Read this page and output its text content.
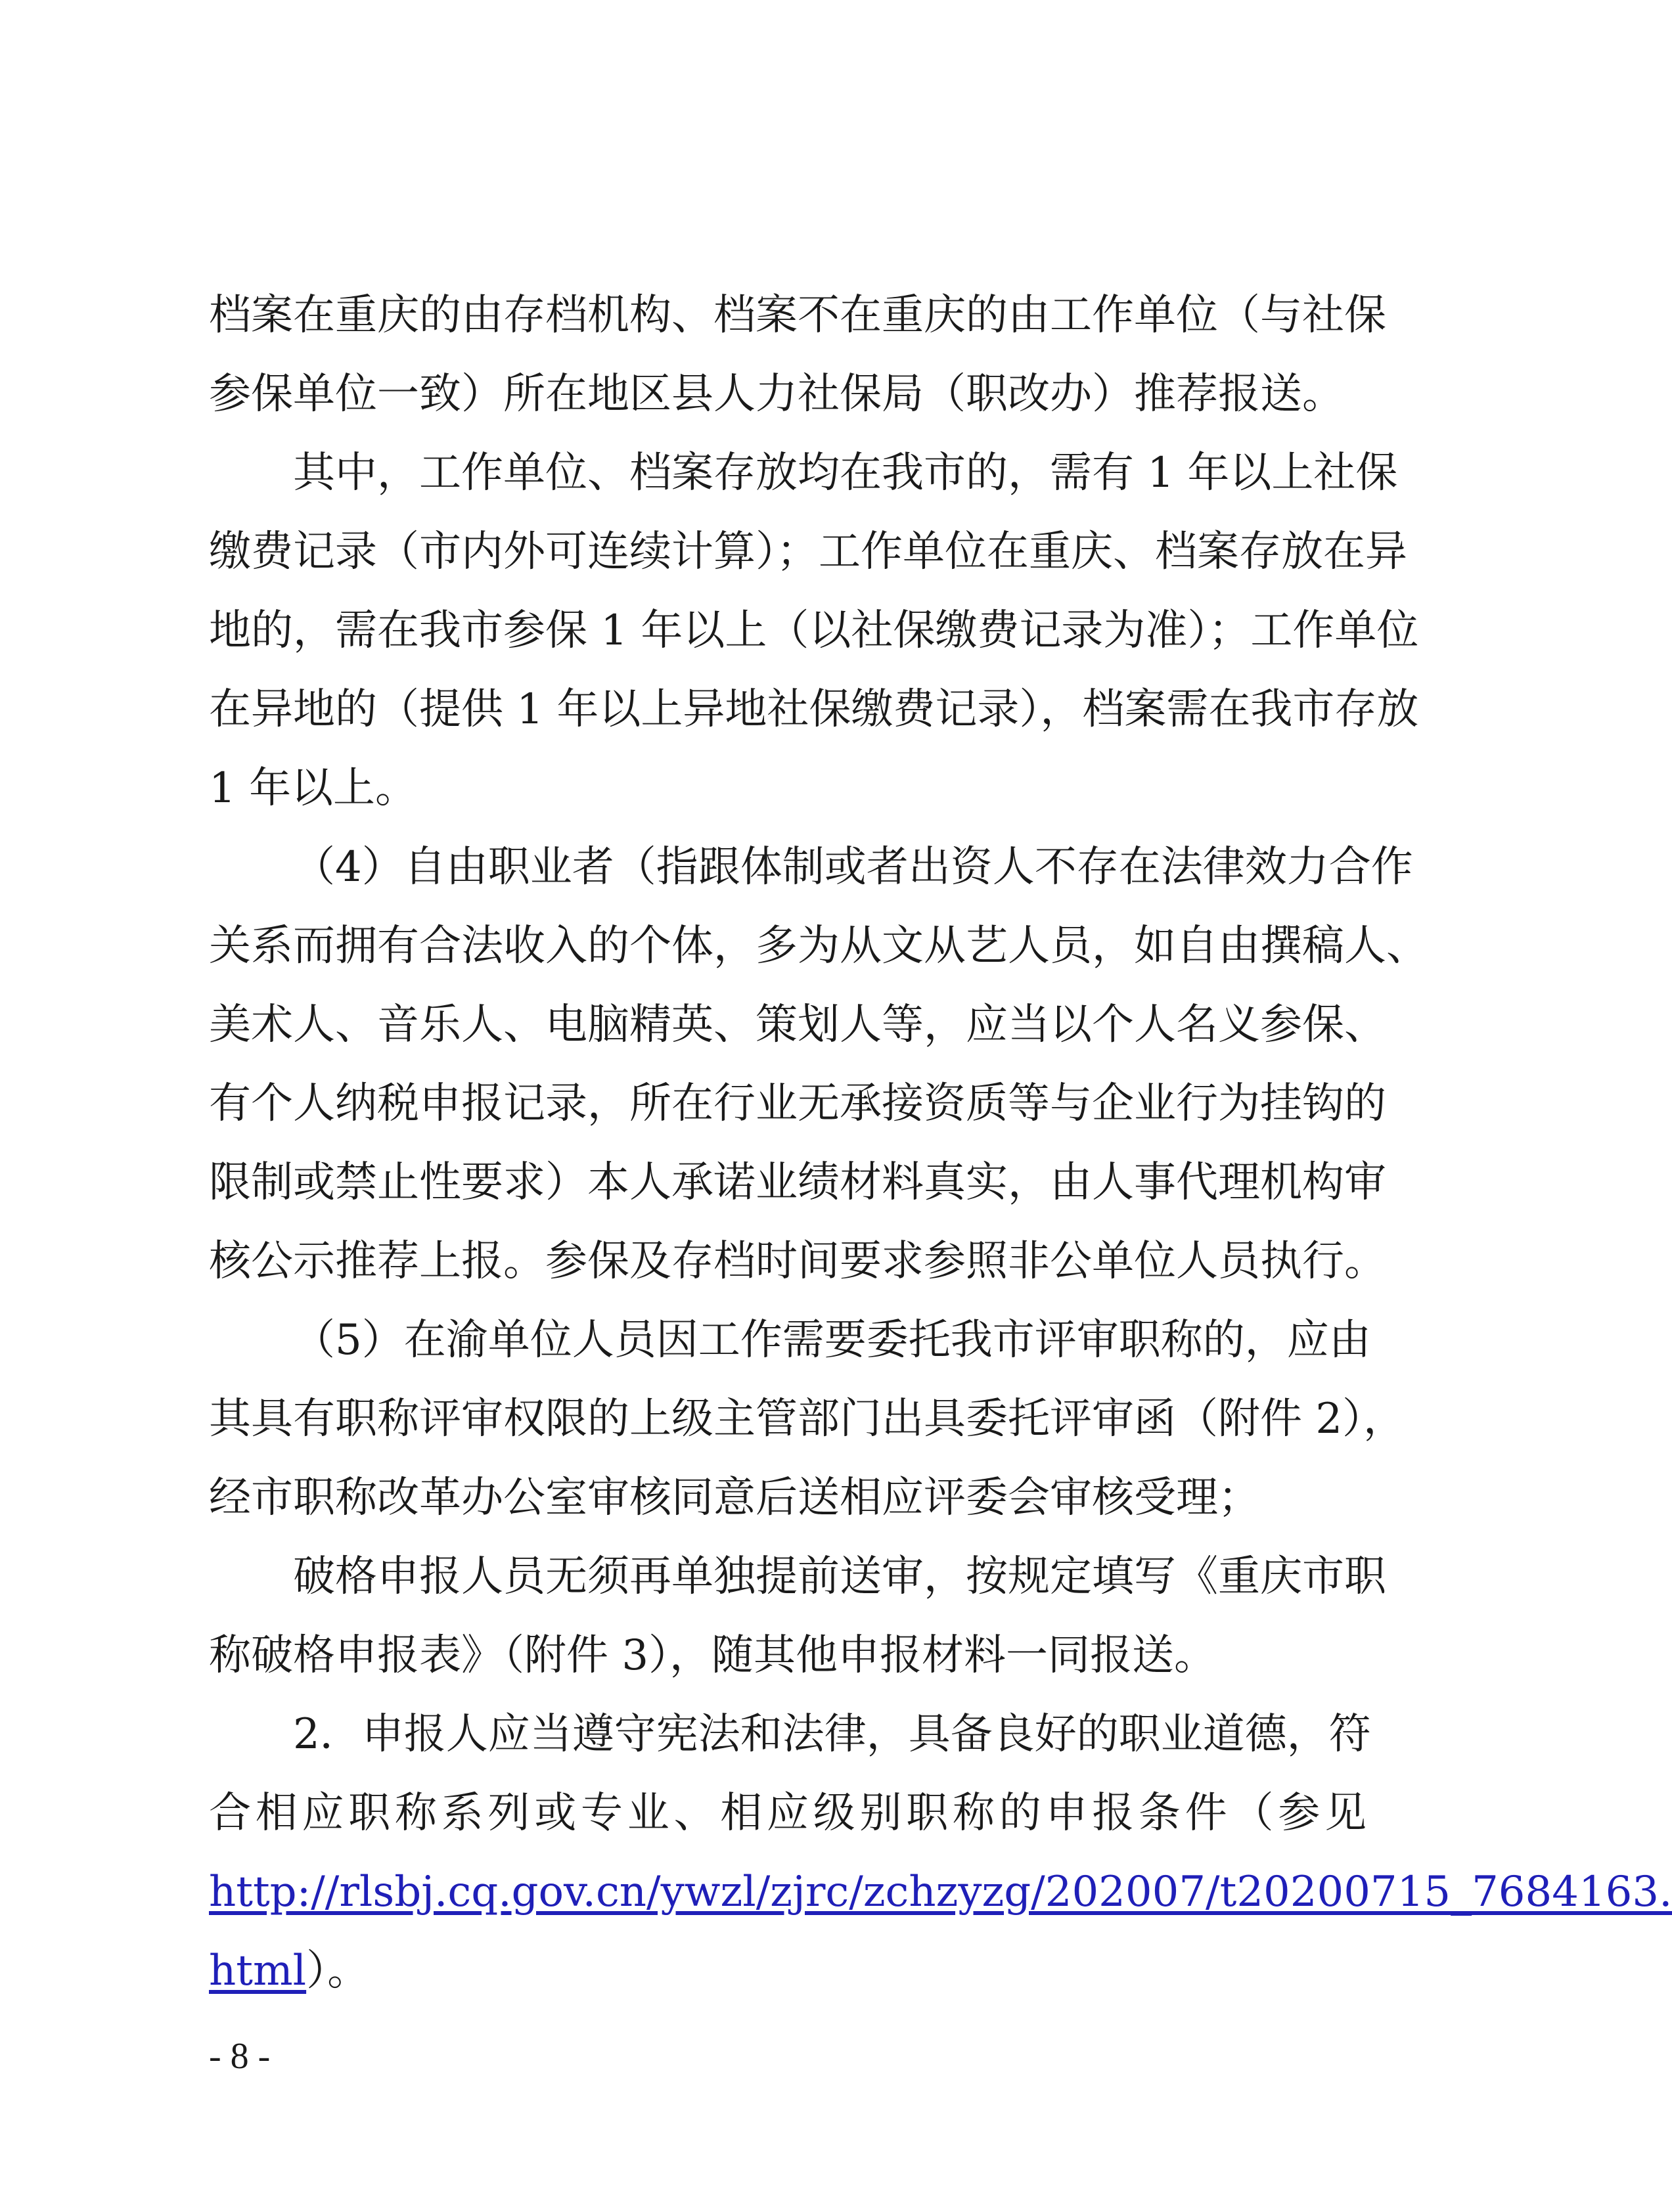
档案在重庆的由存档机构、档案不在重庆的由工作单位（与社保
参保单位一致）所在地区县人力社保局（职改办）推荐报送。
其中，工作单位、档案存放均在我市的，需有 1 年以上社保
缴费记录（市内外可连续计算）；工作单位在重庆、档案存放在异
地的，需在我市参保 1 年以上（以社保缴费记录为准）；工作单位
在异地的（提供 1 年以上异地社保缴费记录），档案需在我市存放
1 年以上。
（4）自由职业者（指跟体制或者出资人不存在法律效力合作
关系而拥有合法收入的个体，多为从文从艺人员，如自由撰稿人、
美术人、音乐人、电脑精英、策划人等，应当以个人名义参保、
有个人纳税申报记录，所在行业无承接资质等与企业行为挂钩的
限制或禁止性要求）本人承诺业绩材料真实，由人事代理机构审
核公示推荐上报。参保及存档时间要求参照非公单位人员执行。
（5）在渝单位人员因工作需要委托我市评审职称的，应由
其具有职称评审权限的上级主管部门出具委托评审函（附件 2），
经市职称改革办公室审核同意后送相应评委会审核受理；
破格申报人员无须再单独提前送审，按规定填写《重庆市职
称破格申报表》（附件 3），随其他申报材料一同报送。
2．申报人应当遵守宪法和法律，具备良好的职业道德，符
合相应职称系列或专业、相应级别职称的申报条件（参见
http://rlsbj.cq.gov.cn/ywzl/zjrc/zchzyzg/202007/t20200715_7684163.
html）。
- 8 -
